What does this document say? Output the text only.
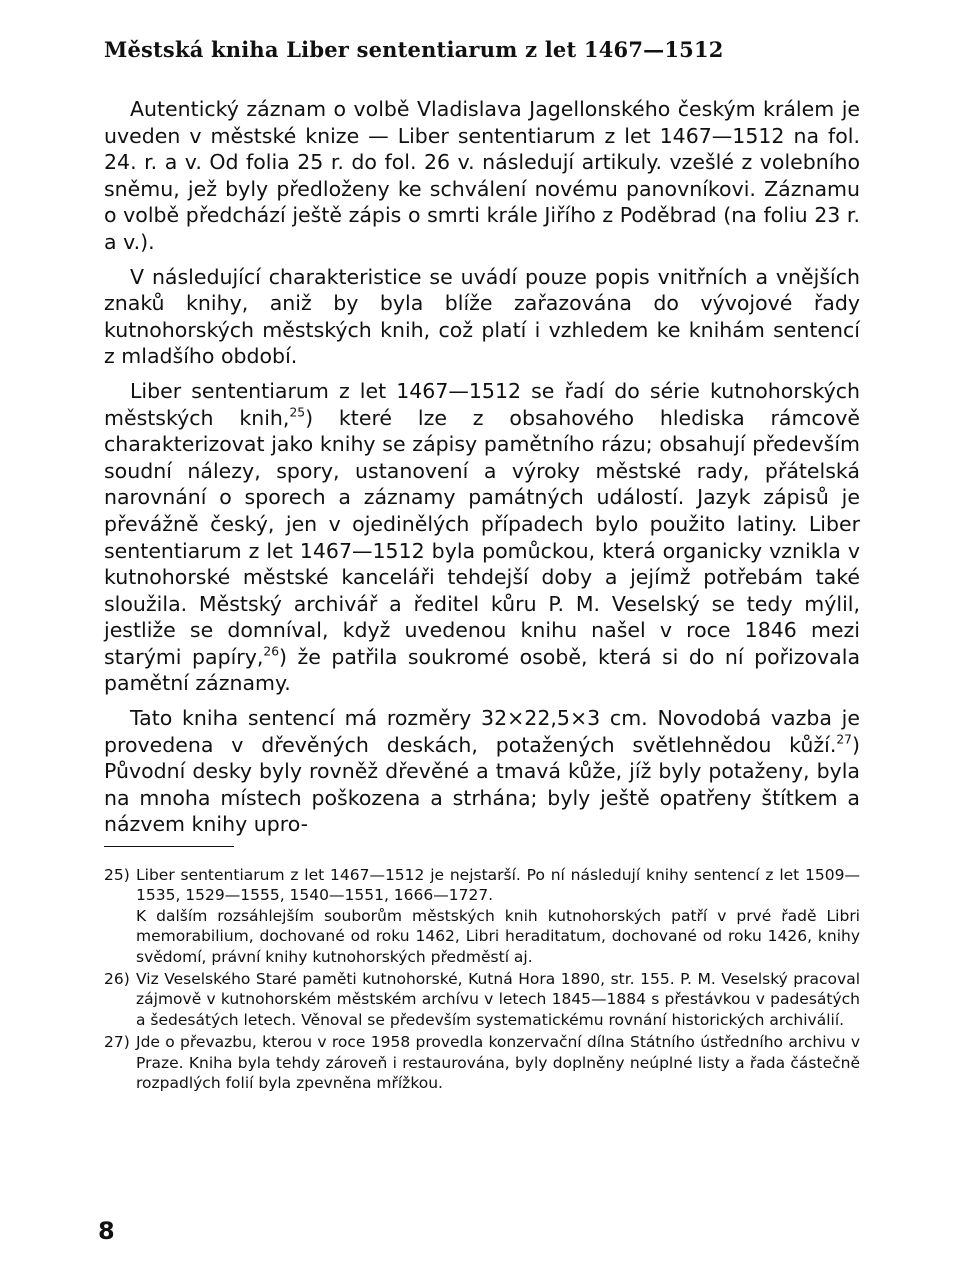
Městská kniha Liber sententiarum z let 1467—1512

Autentický záznam o volbě Vladislava Jagellonského českým králem je uveden v městské knize — Liber sententiarum z let 1467—1512 na fol. 24. r. a v. Od folia 25 r. do fol. 26 v. následují artikuly. vzešlé z volebního sněmu, jež byly předloženy ke schválení novému panovníkovi. Záznamu o volbě předchází ještě zápis o smrti krále Jiřího z Poděbrad (na foliu 23 r. a v.).

V následující charakteristice se uvádí pouze popis vnitřních a vnějších znaků knihy, aniž by byla blíže zařazována do vývojové řady kutnohorských městských knih, což platí i vzhledem ke knihám sentencí z mladšího období.

Liber sententiarum z let 1467—1512 se řadí do série kutnohorských městských knih,$^{25}$) které lze z obsahového hlediska rámcově charakterizovat jako knihy se zápisy pamětního rázu; obsahují především soudní nálezy, spory, ustanovení a výroky městské rady, přátelská narovnání o sporech a záznamy památných událostí. Jazyk zápisů je převážně český, jen v ojedinělých případech bylo použito latiny. Liber sententiarum z let 1467—1512 byla pomůckou, která organicky vznikla v kutnohorské městské kanceláři tehdejší doby a jejímž potřebám také sloužila. Městský archivář a ředitel kůru P. M. Veselský se tedy mýlil, jestliže se domníval, když uvedenou knihu našel v roce 1846 mezi starými papíry,$^{26}$) že patřila soukromé osobě, která si do ní pořizovala pamětní záznamy.

Tato kniha sentencí má rozměry 32×22,5×3 cm. Novodobá vazba je provedena v dřevěných deskách, potažených světlehnědou kůží.$^{27}$) Původní desky byly rovněž dřevěné a tmavá kůže, jíž byly potaženy, byla na mnoha místech poškozena a strhána; byly ještě opatřeny štítkem a názvem knihy upro-

25) Liber sententiarum z let 1467—1512 je nejstarší. Po ní následují knihy sentencí z let 1509—1535, 1529—1555, 1540—1551, 1666—1727.

K dalším rozsáhlejším souborům městských knih kutnohorských patří v prvé řadě Libri memorabilium, dochované od roku 1462, Libri heraditatum, dochované od roku 1426, knihy svědomí, právní knihy kutnohorských předměstí aj.

26) Viz Veselského Staré paměti kutnohorské, Kutná Hora 1890, str. 155. P. M. Veselský pracoval zájmově v kutnohorském městském archívu v letech 1845—1884 s přestávkou v padesátých a šedesátých letech. Věnoval se především systematickému rovnání historických archiválií.

27) Jde o převazbu, kterou v roce 1958 provedla konzervační dílna Státního ústředního archivu v Praze. Kniha byla tehdy zároveň i restaurována, byly doplněny neúplné listy a řada částečně rozpadlých folií byla zpevněna mřížkou.

8
